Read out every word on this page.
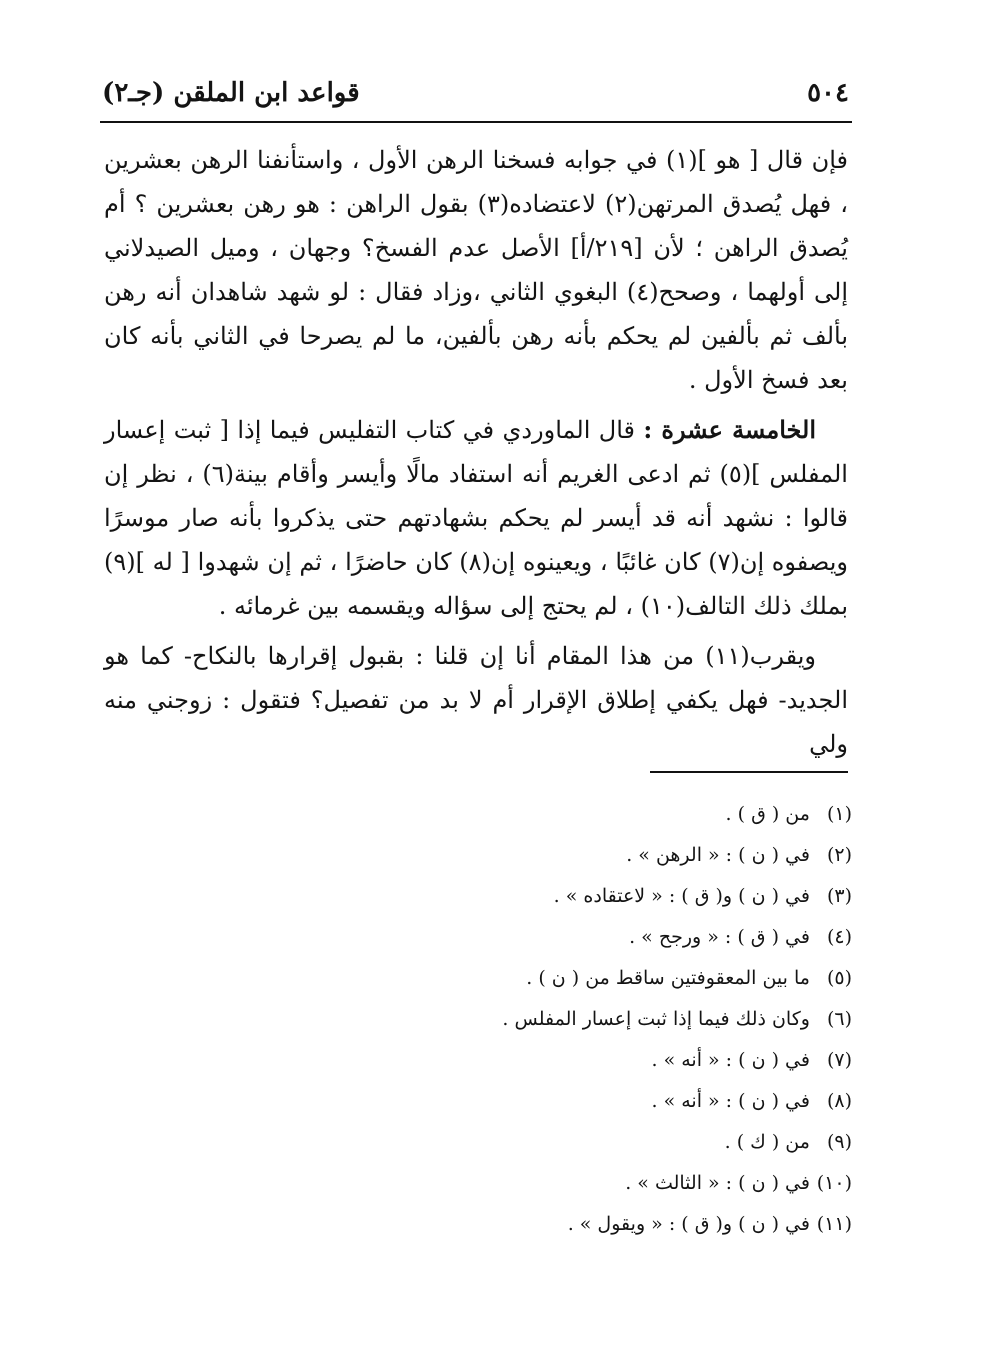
٥٠٤
قواعد ابن الملقن (جـ٢)

فإن قال [ هو ](١) في جوابه فسخنا الرهن الأول ، واستأنفنا الرهن بعشرين ، فهل يُصدق المرتهن(٢) لاعتضاده(٣) بقول الراهن : هو رهن بعشرين ؟ أم يُصدق الراهن ؛ لأن [٢١٩/أ] الأصل عدم الفسخ؟ وجهان ، وميل الصيدلاني إلى أولهما ، وصحح(٤) البغوي الثاني ،وزاد فقال : لو شهد شاهدان أنه رهن بألف ثم بألفين لم يحكم بأنه رهن بألفين، ما لم يصرحا في الثاني بأنه كان بعد فسخ الأول .

الخامسة عشرة : قال الماوردي في كتاب التفليس فيما إذا [ ثبت إعسار المفلس ](٥) ثم ادعى الغريم أنه استفاد مالًا وأيسر وأقام بينة(٦) ، نظر إن قالوا : نشهد أنه قد أيسر لم يحكم بشهادتهم حتى يذكروا بأنه صار موسرًا ويصفوه إن(٧) كان غائبًا ، ويعينوه إن(٨) كان حاضرًا ، ثم إن شهدوا [ له ](٩) بملك ذلك التالف(١٠) ، لم يحتج إلى سؤاله ويقسمه بين غرمائه .

ويقرب(١١) من هذا المقام أنا إن قلنا : بقبول إقرارها بالنكاح- كما هو الجديد- فهل يكفي إطلاق الإقرار أم لا بد من تفصيل؟ فتقول : زوجني منه ولي

(١) من ( ق ) .
(٢) في ( ن ) : « الرهن » .
(٣) في ( ن ) و( ق ) : « لاعتقاده » .
(٤) في ( ق ) : « ورجح » .
(٥) ما بين المعقوفتين ساقط من ( ن ) .
(٦) وكان ذلك فيما إذا ثبت إعسار المفلس .
(٧) في ( ن ) : « أنه » .
(٨) في ( ن ) : « أنه » .
(٩) من ( ك ) .
(١٠) في ( ن ) : « الثالث » .
(١١) في ( ن ) و( ق ) : « ويقول » .
